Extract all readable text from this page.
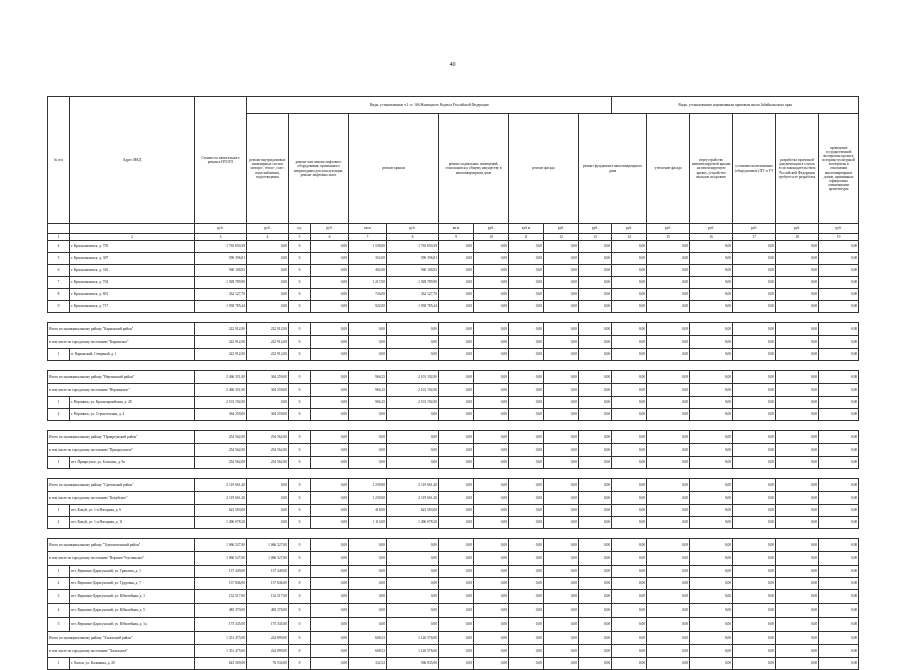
40
№ п/п	Адрес МКД	Стоимость капитального ремонта ИТОГО	Виды, установленные ч.1 ст. 166 Жилищного Кодекса Российской Федерации										Виды, установленные нормативным правовым актом Забайкальского края						
			ремонт внутридомовых инженерных систем электро-, тепло-, газо-, водоснабжения, водоотведения	ремонт или замена лифтового оборудования, признанного непригодным для эксплуатации, ремонт лифтовых шахт		ремонт крыши		ремонт подвальных помещений, относящихся к общему имуществу в многоквартирном доме		ремонт фасада		ремонт фундамента многоквартирного дома		утепление фасада	переустройство невентилируемой крыши на вентилируемую крышу, устройство выходов на кровлю	установка коллективных (общедомовых) ПУ и УУ	разработка проектной документации в случае, если законодательством Российской Федерации требуется ее разработка	проведение государственной экспертизы проекта, историко-культурной экспертизы в отношении многоквартирных домов, признанных официально памятниками архитектуры	
		руб.	руб.	ед.	руб.	кв.м	руб.	кв.м	руб.	куб.м	руб.	руб.	руб.	руб.	руб.	руб.	руб.	руб.	
1	2	3	4	5	6	7	8	9	10	11	12	13	14	15	16	17	18	19	
4	г. Краснокаменск, д. 705	1 765 650,39	0,00	0	0,00	1 538,00	1 765 650,39	0,00	0,00	0,00	0,00	0,00	0,00	0,00	0,00	0,00	0,00	0,00	
5	г. Краснокаменск, д. 307	590 396,81	0,00	0	0,00	352,00	590 396,81	0,00	0,00	0,00	0,00	0,00	0,00	0,00	0,00	0,00	0,00	0,00	
6	г. Краснокаменск, д. 316	560 108,82	0,00	0	0,00	402,00	560 108,82	0,00	0,00	0,00	0,00	0,00	0,00	0,00	0,00	0,00	0,00	0,00	
7	г. Краснокаменск, д. 704	1 928 789,90	0,00	0	0,00	1 217,00	1 928 789,90	0,00	0,00	0,00	0,00	0,00	0,00	0,00	0,00	0,00	0,00	0,00	
8	г. Краснокаменск, д. 801	432 127,70	0,00	0	0,00	726,00	432 127,70	0,00	0,00	0,00	0,00	0,00	0,00	0,00	0,00	0,00	0,00	0,00	
9	г. Краснокаменск, д. 717	1 938 785,44	0,00	0	0,00	922,00	1 938 785,44	0,00	0,00	0,00	0,00	0,00	0,00	0,00	0,00	0,00	0,00	0,00	

Итого по муниципальному району "Карымский район"		222 912,00	222 912,00	0	0,00	0,00	0,00	0,00	0,00	0,00	0,00	0,00	0,00	0,00	0,00	0,00	0,00	0,00	
в том числе по городскому поселению "Карымское"		222 912,00	222 912,00	0	0,00	0,00	0,00	0,00	0,00	0,00	0,00	0,00	0,00	0,00	0,00	0,00	0,00	0,00	
1	п. Карымский, Северный, д. 1	222 912,00	222 912,00	0	0,00	0,00	0,00	0,00	0,00	0,00	0,00	0,00	0,00	0,00	0,00	0,00	0,00	0,00	

Итого по муниципальному району "Нерчинский район"		2 466 351,00	364 259,00	0	0,00	966,25	2 101 192,00	0,00	0,00	0,00	0,00	0,00	0,00	0,00	0,00	0,00	0,00	0,00	
в том числе по городскому поселению "Нерчинское"		2 466 351,00	364 259,00	0	0,00	966,25	2 101 192,00	0,00	0,00	0,00	0,00	0,00	0,00	0,00	0,00	0,00	0,00	0,00	
1	г. Нерчинск, ул. Красноармейская, д. 28	2 101 192,00	0,00	0	0,00	966,25	2 101 192,00	0,00	0,00	0,00	0,00	0,00	0,00	0,00	0,00	0,00	0,00	0,00	
2	г. Нерчинск, ул. Строительная, д. 2	364 259,00	364 259,00	0	0,00	0,00	0,00	0,00	0,00	0,00	0,00	0,00	0,00	0,00	0,00	0,00	0,00	0,00	

Итого по муниципальному району "Приаргунский район"		254 562,00	254 562,00	0	0,00	0,00	0,00	0,00	0,00	0,00	0,00	0,00	0,00	0,00	0,00	0,00	0,00	0,00	
в том числе по городскому поселению "Приаргунское"		254 562,00	254 562,00	0	0,00	0,00	0,00	0,00	0,00	0,00	0,00	0,00	0,00	0,00	0,00	0,00	0,00	0,00	
1	пгт. Приаргунск, ул. Большая, д. 9а	254 562,00	254 562,00	0	0,00	0,00	0,00	0,00	0,00	0,00	0,00	0,00	0,00	0,00	0,00	0,00	0,00	0,00	

Итого по муниципальному району "Сретенский район"		2 119 661,20	0,00	0	0,00	1 239,00	2 119 661,20	0,00	0,00	0,00	0,00	0,00	0,00	0,00	0,00	0,00	0,00	0,00	
в том числе по городскому поселению "Кокуйское"		2 119 661,20	0,00	0	0,00	1 239,00	2 119 661,20	0,00	0,00	0,00	0,00	0,00	0,00	0,00	0,00	0,00	0,00	0,00	
1	пгт. Кокуй, ул. 1-я Нагорная, д. 6	623 583,00	0,00	0	0,00	418,00	623 583,00	0,00	0,00	0,00	0,00	0,00	0,00	0,00	0,00	0,00	0,00	0,00	
2	пгт. Кокуй, ул. 1-я Нагорная, д. 11	1 496 078,20	0,00	0	0,00	1 113,00	1 496 078,20	0,00	0,00	0,00	0,00	0,00	0,00	0,00	0,00	0,00	0,00	0,00	

Итого по муниципальному району "Тунгокоченский район"		1 066 527,00	1 066 527,00	0	0,00	0,00	0,00	0,00	0,00	0,00	0,00	0,00	0,00	0,00	0,00	0,00	0,00	0,00	
в том числе по городскому поселению "Верхнее-Усуглинское"		1 066 527,00	1 066 527,00	0	0,00	0,00	0,00	0,00	0,00	0,00	0,00	0,00	0,00	0,00	0,00	0,00	0,00	0,00	
1	пгт. Вершино-Дарасунский, ул. Транзита, д. 1	137 449,00	137 449,00	0	0,00	0,00	0,00	0,00	0,00	0,00	0,00	0,00	0,00	0,00	0,00	0,00	0,00	0,00	
2	пгт. Вершино-Дарасунский, ул. Трудовая, д. 7	137 846,00	137 846,00	0	0,00	0,00	0,00	0,00	0,00	0,00	0,00	0,00	0,00	0,00	0,00	0,00	0,00	0,00	
3	пгт. Вершино-Дарасунский, ул. Юбилейная, д. 1	132 517,00	132 517,00	0	0,00	0,00	0,00	0,00	0,00	0,00	0,00	0,00	0,00	0,00	0,00	0,00	0,00	0,00	
4	пгт. Вершино-Дарасунский, ул. Юбилейная, д. 5	483 370,00	483 370,00	0	0,00	0,00	0,00	0,00	0,00	0,00	0,00	0,00	0,00	0,00	0,00	0,00	0,00	0,00	
5	пгт. Вершино-Дарасунский, ул. Юбилейная, д. 1а	175 345,00	175 345,00	0	0,00	0,00	0,00	0,00	0,00	0,00	0,00	0,00	0,00	0,00	0,00	0,00	0,00	0,00	
Итого по муниципальному району "Хилокский район"		1 351 475,00	224 899,00	0	0,00	608,52	1 126 576,00	0,00	0,00	0,00	0,00	0,00	0,00	0,00	0,00	0,00	0,00	0,00	
в том числе по городскому поселению "Хилокское"		1 351 475,00	224 899,00	0	0,00	608,52	1 126 576,00	0,00	0,00	0,00	0,00	0,00	0,00	0,00	0,00	0,00	0,00	0,00	
1	г. Хилок, ул. Калинина, д. 20	643 369,00	76 534,00	0	0,00	332,52	566 835,00	0,00	0,00	0,00	0,00	0,00	0,00	0,00	0,00	0,00	0,00	0,00	
